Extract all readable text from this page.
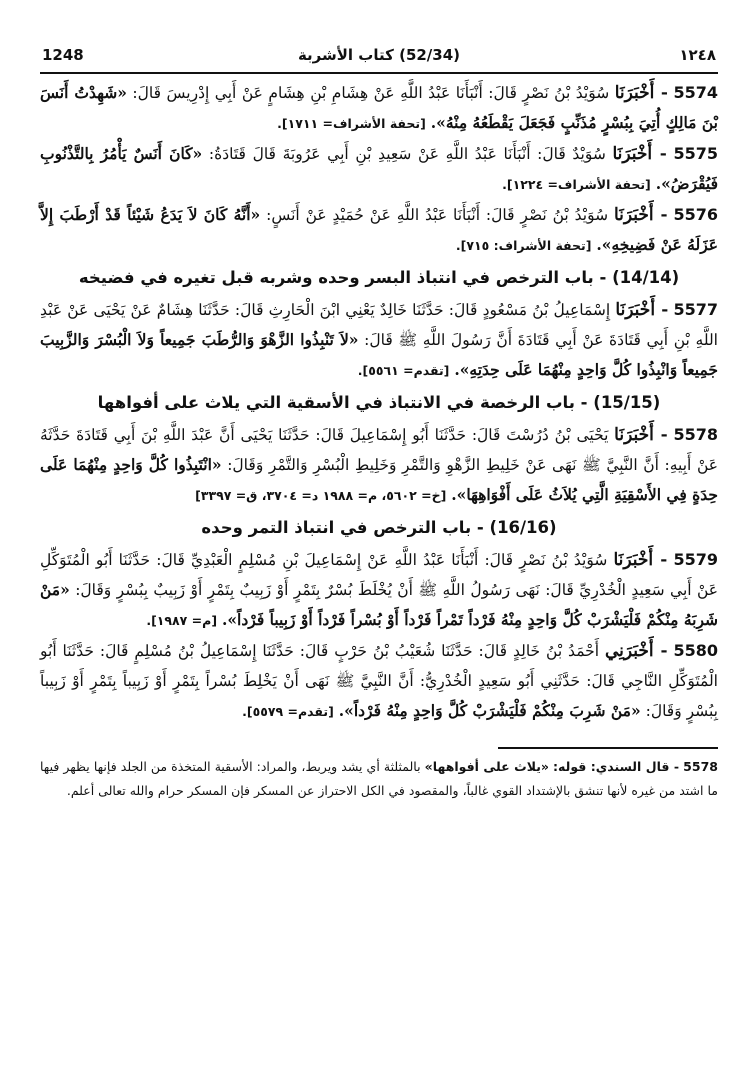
1248	(52/34) كتاب الأشربة	١٢٤٨

5574 - أَخْبَرَنَا سُوَيْدُ بْنُ نَصْرٍ قَالَ: أَنْبَأَنَا عَبْدُ اللَّهِ عَنْ هِشَامِ بْنِ هِشَامٍ عَنْ أَبِي إِدْرِيسَ قَالَ: «شَهِدْتُ أَنَسَ بْنَ مَالِكٍ أُتِيَ بِبُسْرٍ مُذَنِّبٍ فَجَعَلَ يَقْطَعُهُ مِنْهُ». [تحفة الأشراف= ١٧١١].

5575 - أَخْبَرَنَا سُوَيْدٌ قَالَ: أَنْبَأَنَا عَبْدُ اللَّهِ عَنْ سَعِيدِ بْنِ أَبِي عَرُوبَةَ قَالَ قَتَادَةُ: «كَانَ أَنَسٌ يَأْمُرُ بِالتَّذْنُوبِ فَيُقْرَضُ». [تحفة الأشراف= ١٢٢٤].

5576 - أَخْبَرَنَا سُوَيْدُ بْنُ نَصْرٍ قَالَ: أَنْبَأَنَا عَبْدُ اللَّهِ عَنْ حُمَيْدٍ عَنْ أَنَسٍ: «أَنَّهُ كَانَ لاَ يَدَعُ شَيْئاً قَدْ أَرْطَبَ إِلاَّ عَزَلَهُ عَنْ فَضِيخِهِ». [تحفة الأشراف: ٧١٥].

(14/14) - باب الترخص في انتباذ البسر وحده وشربه قبل تغيره في فضيخه

5577 - أَخْبَرَنَا إِسْمَاعِيلُ بْنُ مَسْعُودٍ قَالَ: حَدَّثَنَا خَالِدٌ يَعْنِي ابْنَ الْحَارِثِ قَالَ: حَدَّثَنَا هِشَامٌ عَنْ يَحْيَى عَنْ عَبْدِ اللَّهِ بْنِ أَبِي قَتَادَةَ عَنْ أَبِي قَتَادَةَ أَنَّ رَسُولَ اللَّهِ ﷺ قَالَ: «لاَ تَنْبِذُوا الزَّهْوَ وَالرُّطَبَ جَمِيعاً وَلاَ الْبُسْرَ وَالزَّبِيبَ جَمِيعاً وَانْبِذُوا كُلَّ وَاحِدٍ مِنْهُمَا عَلَى حِدَتِهِ». [تقدم= ٥٥٦١].

(15/15) - باب الرخصة في الانتباذ في الأسقية التي يلاث على أفواهها

5578 - أَخْبَرَنَا يَحْيَى بْنُ دُرُسْتَ قَالَ: حَدَّثَنَا أَبُو إِسْمَاعِيلَ قَالَ: حَدَّثَنَا يَحْيَى أَنَّ عَبْدَ اللَّهِ بْنَ أَبِي قَتَادَةَ حَدَّثَهُ عَنْ أَبِيهِ: أَنَّ النَّبِيَّ ﷺ نَهَى عَنْ خَلِيطِ الزَّهْوِ وَالتَّمْرِ وَخَلِيطِ الْبُسْرِ وَالتَّمْرِ وَقَالَ: «انْتَبِذُوا كُلَّ وَاحِدٍ مِنْهُمَا عَلَى حِدَةٍ فِي الأَسْقِيَةِ الَّتِي يُلاَثُ عَلَى أَفْوَاهِهَا». [خ= ٥٦٠٢، م= ١٩٨٨ د= ٣٧٠٤، ق= ٣٣٩٧]

(16/16) - باب الترخص في انتباذ التمر وحده

5579 - أَخْبَرَنَا سُوَيْدُ بْنُ نَصْرٍ قَالَ: أَنْبَأَنَا عَبْدُ اللَّهِ عَنْ إِسْمَاعِيلَ بْنِ مُسْلِمٍ الْعَبْدِيِّ قَالَ: حَدَّثَنَا أَبُو الْمُتَوَكِّلِ عَنْ أَبِي سَعِيدٍ الْخُدْرِيِّ قَالَ: نَهَى رَسُولُ اللَّهِ ﷺ أَنْ يُخْلَطَ بُسْرٌ بِتَمْرٍ أَوْ زَبِيبٌ بِتَمْرٍ أَوْ زَبِيبٌ بِبُسْرٍ وَقَالَ: «مَنْ شَرِبَهُ مِنْكُمْ فَلْيَشْرَبْ كُلَّ وَاحِدٍ مِنْهُ فَرْداً تَمْراً فَرْداً أَوْ بُسْراً فَرْداً أَوْ زَبِيباً فَرْداً». [م= ١٩٨٧].

5580 - أَخْبَرَنِي أَحْمَدُ بْنُ خَالِدٍ قَالَ: حَدَّثَنَا شُعَيْبُ بْنُ حَرْبٍ قَالَ: حَدَّثَنَا إِسْمَاعِيلُ بْنُ مُسْلِمٍ قَالَ: حَدَّثَنَا أَبُو الْمُتَوَكِّلِ النَّاجِي قَالَ: حَدَّثَنِي أَبُو سَعِيدٍ الْخُدْرِيُّ: أَنَّ النَّبِيَّ ﷺ نَهَى أَنْ يَخْلِطَ بُسْراً بِتَمْرٍ أَوْ زَبِيباً بِتَمْرٍ أَوْ زَبِيباً بِبُسْرٍ وَقَالَ: «مَنْ شَرِبَ مِنْكُمْ فَلْيَشْرَبْ كُلَّ وَاحِدٍ مِنْهُ فَرْداً». [تقدم= ٥٥٧٩].

5578 - قال السندي: قوله: «يلاث على أفواهها» بالمثلثة أي يشد ويربط، والمراد: الأسقية المتخذة من الجلد فإنها يظهر فيها ما اشتد من غيره لأنها تنشق بالإشتداد القوي غالباً، والمقصود في الكل الاحتراز عن المسكر فإن المسكر حرام والله تعالى أعلم.
